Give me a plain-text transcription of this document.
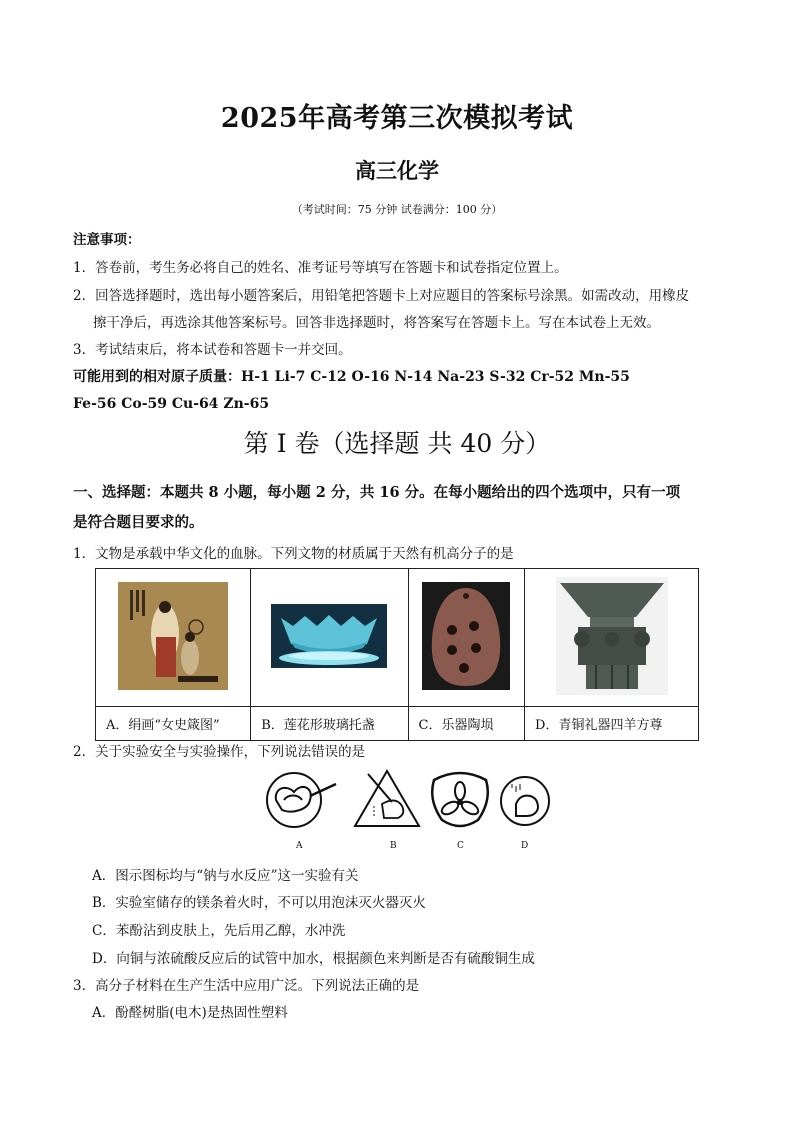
2025年高考第三次模拟考试
高三化学
（考试时间：75 分钟 试卷满分：100 分）
注意事项：
1．答卷前，考生务必将自己的姓名、准考证号等填写在答题卡和试卷指定位置上。
2．回答选择题时，选出每小题答案后，用铅笔把答题卡上对应题目的答案标号涂黑。如需改动，用橡皮
擦干净后，再选涂其他答案标号。回答非选择题时，将答案写在答题卡上。写在本试卷上无效。
3．考试结束后，将本试卷和答题卡一并交回。
可能用到的相对原子质量：H-1 Li-7 C-12 O-16 N-14 Na-23 S-32 Cr-52 Mn-55
Fe-56 Co-59 Cu-64 Zn-65
第 I 卷（选择题 共 40 分）
一、选择题：本题共 8 小题，每小题 2 分，共 16 分。在每小题给出的四个选项中，只有一项
是符合题目要求的。
1．文物是承载中华文化的血脉。下列文物的材质属于天然有机高分子的是

A．绢画“女史箴图”	B．莲花形玻璃托盏	C．乐器陶埙	D．青铜礼器四羊方尊
2．关于实验安全与实验操作，下列说法错误的是
A	B	C	D
A．图示图标均与“钠与水反应”这一实验有关
B．实验室储存的镁条着火时，不可以用泡沫灭火器灭火
C．苯酚沾到皮肤上，先后用乙醇，水冲洗
D．向铜与浓硫酸反应后的试管中加水，根据颜色来判断是否有硫酸铜生成
3．高分子材料在生产生活中应用广泛。下列说法正确的是
A．酚醛树脂(电木)是热固性塑料
